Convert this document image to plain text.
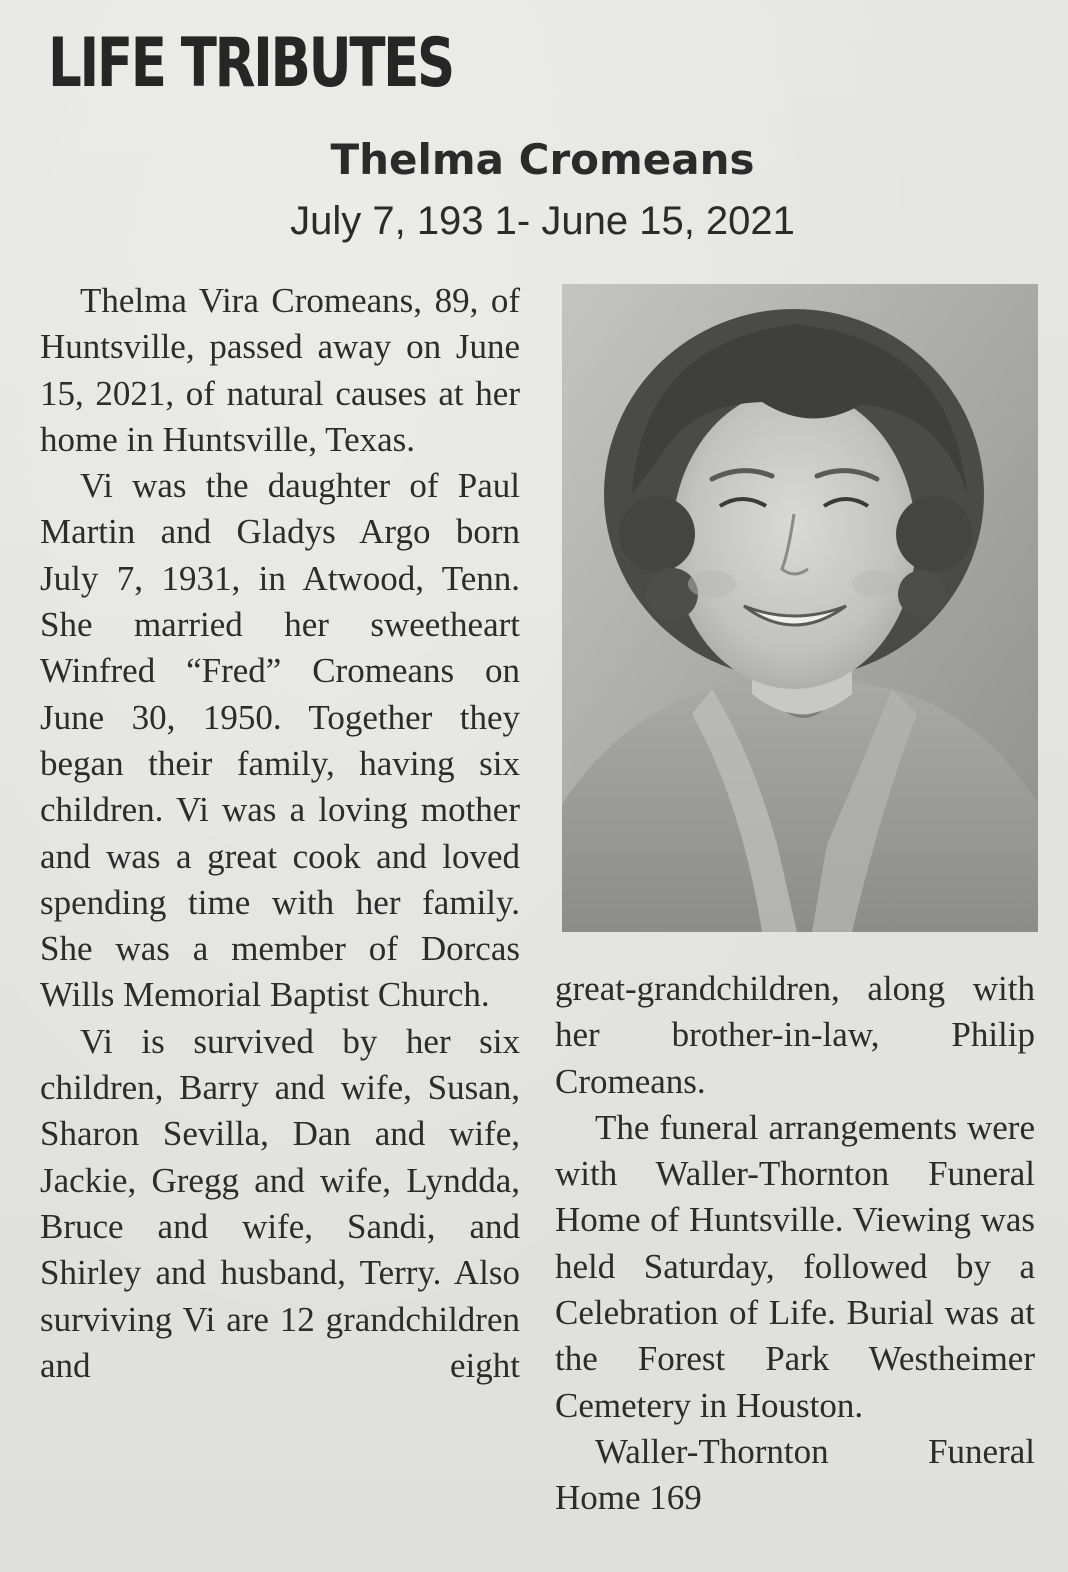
LIFE TRIBUTES
Thelma Cromeans
July 7, 193 1- June 15, 2021

Thelma Vira Cromeans, 89, of Huntsville, passed away on June 15, 2021, of natural causes at her home in Huntsville, Texas.

Vi was the daughter of Paul Martin and Gladys Argo born July 7, 1931, in Atwood, Tenn. She married her sweetheart Winfred “Fred” Cromeans on June 30, 1950. Together they began their family, having six children. Vi was a loving mother and was a great cook and loved spending time with her family. She was a member of Dorcas Wills Memorial Baptist Church.

Vi is survived by her six children, Barry and wife, Susan, Sharon Sevilla, Dan and wife, Jackie, Gregg and wife, Lyndda, Bruce and wife, Sandi, and Shirley and husband, Terry. Also surviving Vi are 12 grandchildren and eight

great-grandchildren, along with her brother-in-law, Philip Cromeans.

The funeral arrangements were with Waller-Thornton Funeral Home of Huntsville. Viewing was held Saturday, followed by a Celebration of Life. Burial was at the Forest Park Westheimer Cemetery in Houston.

Waller-Thornton Funeral Home 169
